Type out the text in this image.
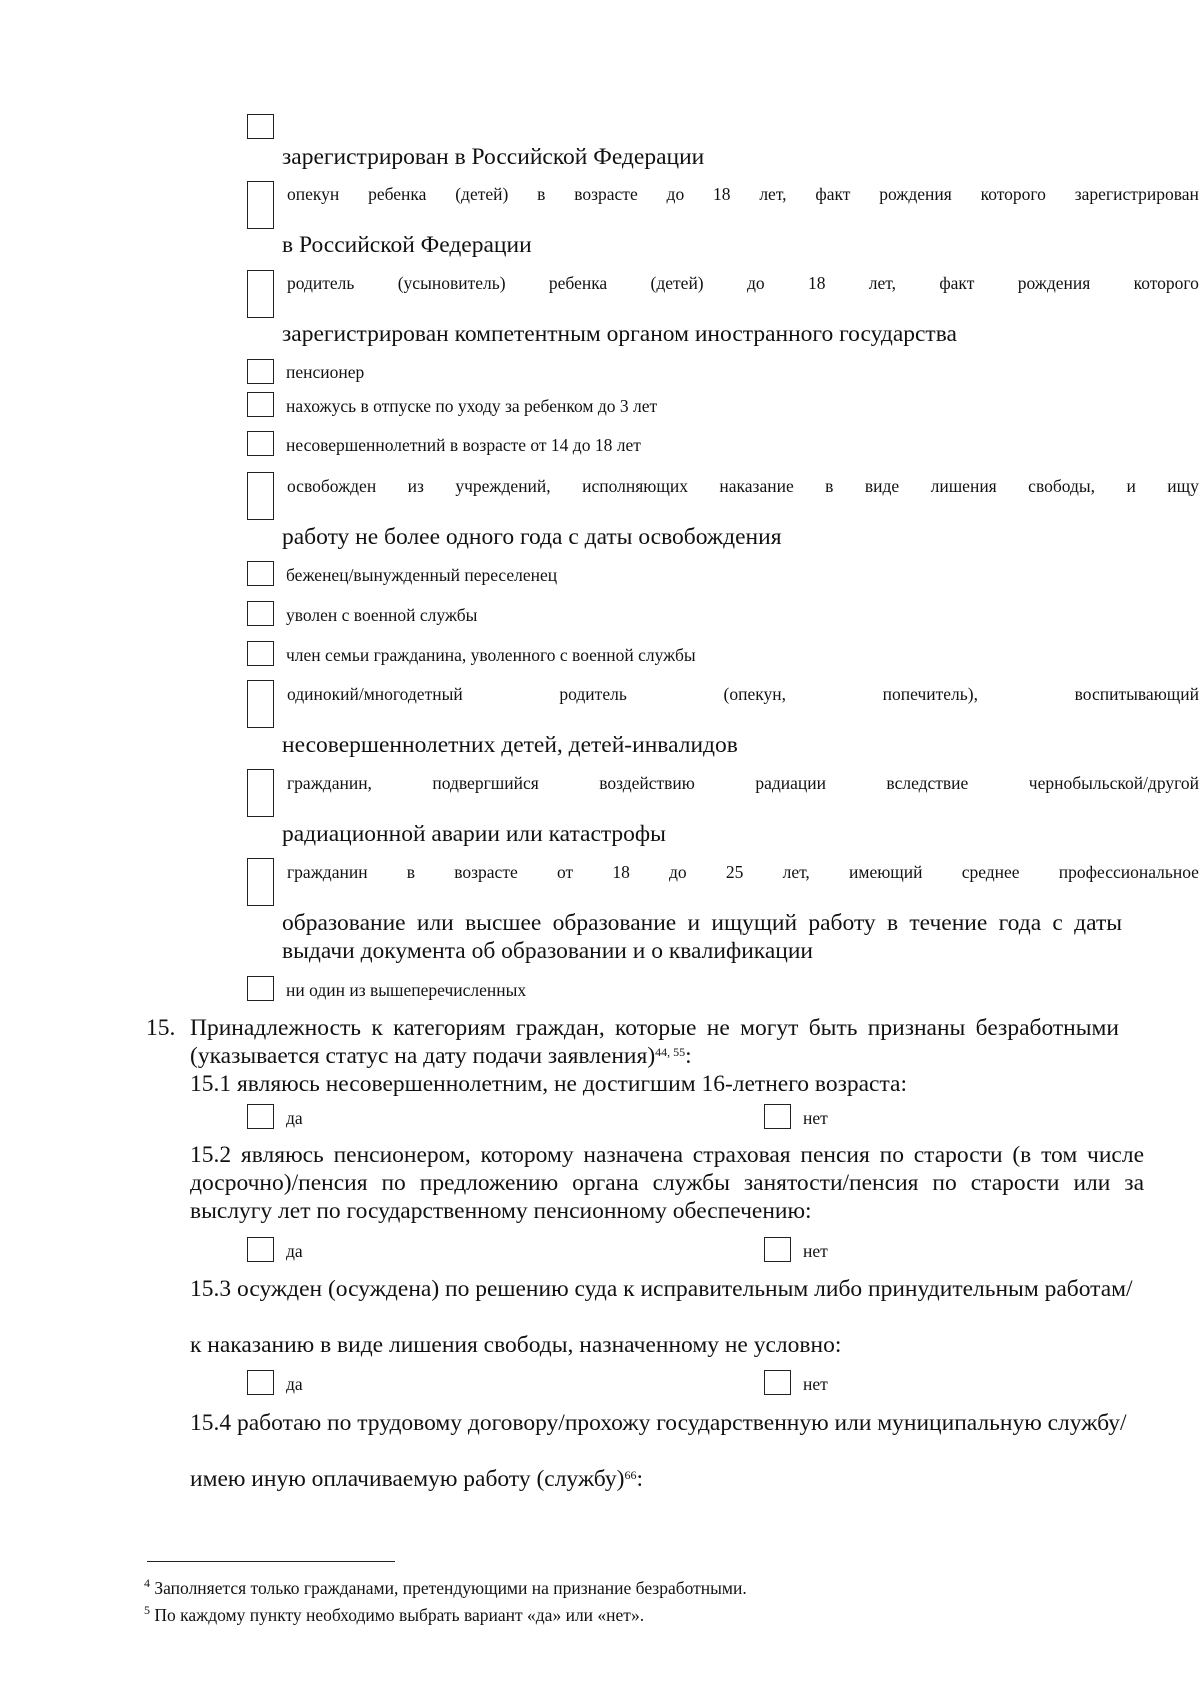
зарегистрирован в Российской Федерации
опекун ребенка (детей) в возрасте до 18 лет, факт рождения которого зарегистрирован
в Российской Федерации
родитель (усыновитель) ребенка (детей) до 18 лет, факт рождения которого
зарегистрирован компетентным органом иностранного государства
пенсионер
нахожусь в отпуске по уходу за ребенком до 3 лет
несовершеннолетний в возрасте от 14 до 18 лет
освобожден из учреждений, исполняющих наказание в виде лишения свободы, и ищу
работу не более одного года с даты освобождения
беженец/вынужденный переселенец
уволен с военной службы
член семьи гражданина, уволенного с военной службы
одинокий/многодетный	родитель	(опекун,	попечитель),	воспитывающий
несовершеннолетних детей, детей-инвалидов
гражданин,	подвергшийся	воздействию	радиации	вследствие	чернобыльской/другой
радиационной аварии или катастрофы
гражданин в возрасте от 18 до 25 лет, имеющий среднее профессиональное
образование или высшее образование и ищущий работу в течение года с даты выдачи документа об образовании и о квалификации
ни один из вышеперечисленных
15. Принадлежность к категориям граждан, которые не могут быть признаны безработными (указывается статус на дату подачи заявления)$^{44, 55}$:
15.1 являюсь несовершеннолетним, не достигшим 16-летнего возраста:
да	нет
15.2 являюсь пенсионером, которому назначена страховая пенсия по старости (в том числе досрочно)/пенсия по предложению органа службы занятости/пенсия по старости или за выслугу лет по государственному пенсионному обеспечению:
да	нет
15.3 осужден (осуждена) по решению суда к исправительным либо принудительным работам/
к наказанию в виде лишения свободы, назначенному не условно:
да	нет
15.4 работаю по трудовому договору/прохожу государственную или муниципальную службу/
имею иную оплачиваемую работу (службу)$^{66}$:
$^4$ Заполняется только гражданами, претендующими на признание безработными.
$^5$ По каждому пункту необходимо выбрать вариант «да» или «нет».
